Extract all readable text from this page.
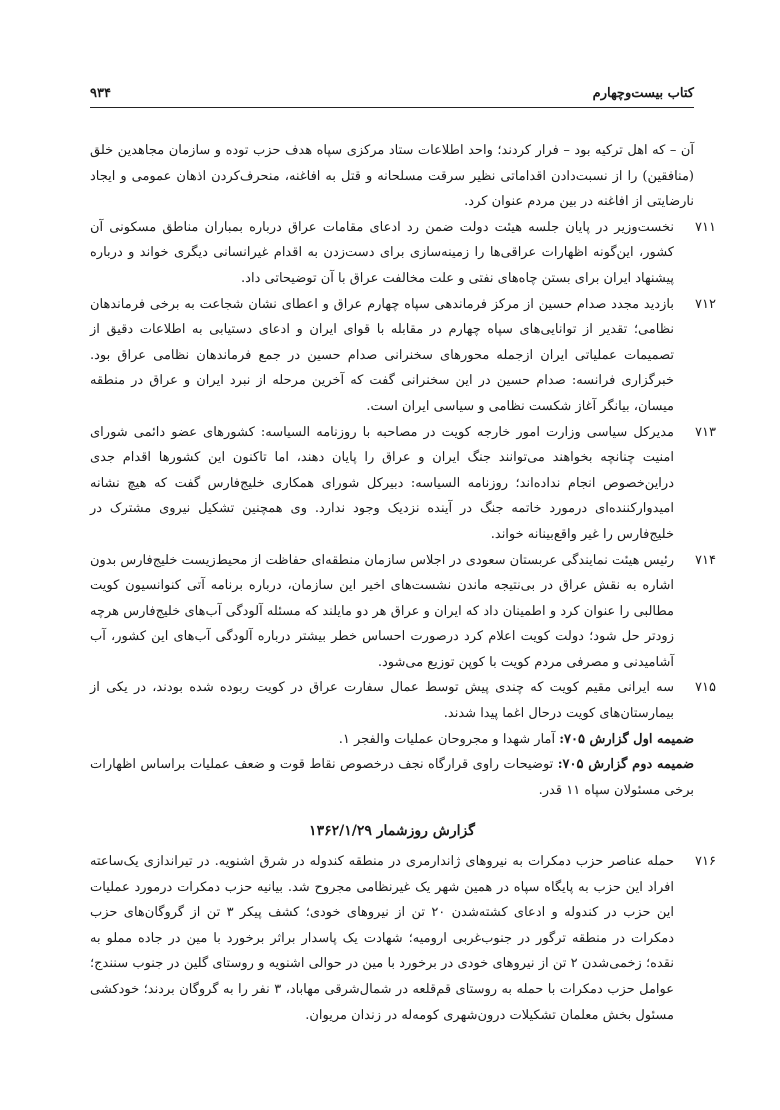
کتاب بیست‌وچهارم
۹۳۴

آن – که اهل ترکیه بود – فرار کردند؛ واحد اطلاعات ستاد مرکزی سپاه هدف حزب توده و سازمان مجاهدین خلق (منافقین) را از نسبت‌دادن اقداماتی نظیر سرقت مسلحانه و قتل به افاغنه، منحرف‌کردن اذهان عمومی و ایجاد نارضایتی از افاغنه در بین مردم عنوان کرد.

۷۱۱
نخست‌وزیر در پایان جلسه هیئت دولت ضمن رد ادعای مقامات عراق درباره بمباران مناطق مسکونی آن کشور، این‌گونه اظهارات عراقی‌ها را زمینه‌سازی برای دست‌زدن به اقدام غیرانسانی دیگری خواند و درباره پیشنهاد ایران برای بستن چاه‌های نفتی و علت مخالفت عراق با آن توضیحاتی داد.

۷۱۲
بازدید مجدد صدام حسین از مرکز فرماندهی سپاه چهارم عراق و اعطای نشان شجاعت به برخی فرماندهان نظامی؛ تقدیر از توانایی‌های سپاه چهارم در مقابله با قوای ایران و ادعای دستیابی به اطلاعات دقیق از تصمیمات عملیاتی ایران ازجمله محورهای سخنرانی صدام حسین در جمع فرماندهان نظامی عراق بود. خبرگزاری فرانسه: صدام حسین در این سخنرانی گفت که آخرین مرحله از نبرد ایران و عراق در منطقه میسان، بیانگر آغاز شکست نظامی و سیاسی ایران است.

۷۱۳
مدیرکل سیاسی وزارت امور خارجه کویت در مصاحبه با روزنامه السیاسه: کشورهای عضو دائمی شورای امنیت چنانچه بخواهند می‌توانند جنگ ایران و عراق را پایان دهند، اما تاکنون این کشورها اقدام جدی دراین‌خصوص انجام نداده‌اند؛ روزنامه السیاسه: دبیرکل شورای همکاری خلیج‌فارس گفت که هیچ نشانه امیدوارکننده‌ای درمورد خاتمه جنگ در آینده نزدیک وجود ندارد. وی همچنین تشکیل نیروی مشترک در خلیج‌فارس را غیر واقع‌بینانه خواند.

۷۱۴
رئیس هیئت نمایندگی عربستان سعودی در اجلاس سازمان منطقه‌ای حفاظت از محیط‌زیست خلیج‌فارس بدون اشاره به نقش عراق در بی‌نتیجه ماندن نشست‌های اخیر این سازمان، درباره برنامه آتی کنوانسیون کویت مطالبی را عنوان کرد و اطمینان داد که ایران و عراق هر دو مایلند که مسئله آلودگی آب‌های خلیج‌فارس هرچه زودتر حل شود؛ دولت کویت اعلام کرد درصورت احساس خطر بیشتر درباره آلودگی آب‌های این کشور، آب آشامیدنی و مصرفی مردم کویت با کوپن توزیع می‌شود.

۷۱۵
سه ایرانی مقیم کویت که چندی پیش توسط عمال سفارت عراق در کویت ربوده شده بودند، در یکی از بیمارستان‌های کویت درحال اغما پیدا شدند.

ضمیمه اول گزارش ۷۰۵: آمار شهدا و مجروحان عملیات والفجر ۱.

ضمیمه دوم گزارش ۷۰۵: توضیحات راوی قرارگاه نجف درخصوص نقاط قوت و ضعف عملیات براساس اظهارات برخی مسئولان سپاه ۱۱ قدر.

گزارش روزشمار ۱۳۶۲/۱/۲۹

۷۱۶
حمله عناصر حزب دمکرات به نیروهای ژاندارمری در منطقه کندوله در شرق اشنویه. در تیراندازی یک‌ساعته افراد این حزب به پایگاه سپاه در همین شهر یک غیرنظامی مجروح شد. بیانیه حزب دمکرات درمورد عملیات این حزب در کندوله و ادعای کشته‌شدن ۲۰ تن از نیروهای خودی؛ کشف پیکر ۳ تن از گروگان‌های حزب دمکرات در منطقه ترگور در جنوب‌غربی ارومیه؛ شهادت یک پاسدار براثر برخورد با مین در جاده مملو به نقده؛ زخمی‌شدن ۲ تن از نیروهای خودی در برخورد با مین در حوالی اشنویه و روستای گلین در جنوب سنندج؛ عوامل حزب دمکرات با حمله به روستای قم‌قلعه در شمال‌شرقی مهاباد، ۳ نفر را به گروگان بردند؛ خودکشی مسئول بخش معلمان تشکیلات درون‌شهری کومه‌له در زندان مریوان.
